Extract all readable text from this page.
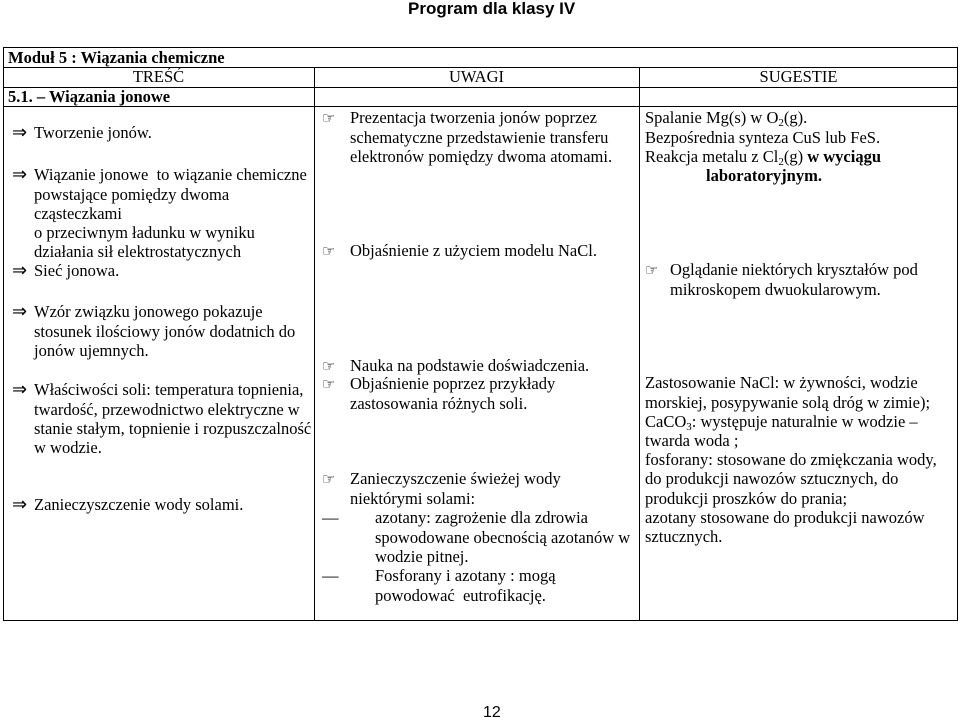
Program dla klasy IV
Moduł 5 : Wiązania chemiczne
TREŚĆ	UWAGI	SUGESTIE
5.1. – Wiązania jonowe
⇒
Tworzenie jonów.
⇒
Wiązanie jonowe  to wiązanie chemiczne
powstające pomiędzy dwoma
cząsteczkami
o przeciwnym ładunku w wyniku
działania sił elektrostatycznych
⇒
Sieć jonowa.
⇒
Wzór związku jonowego pokazuje
stosunek ilościowy jonów dodatnich do
jonów ujemnych.
⇒
Właściwości soli: temperatura topnienia,
twardość, przewodnictwo elektryczne w
stanie stałym, topnienie i rozpuszczalność
w wodzie.
⇒
Zanieczyszczenie wody solami.
☞
Prezentacja tworzenia jonów poprzez
schematyczne przedstawienie transferu
elektronów pomiędzy dwoma atomami.
☞
Objaśnienie z użyciem modelu NaCl.
☞
Nauka na podstawie doświadczenia.
☞
Objaśnienie poprzez przykłady
zastosowania różnych soli.
☞
Zanieczyszczenie świeżej wody
niektórymi solami:
—
azotany: zagrożenie dla zdrowia
spowodowane obecnością azotanów w
wodzie pitnej.
—
Fosforany i azotany : mogą
powodować  eutrofikację.
Spalanie Mg(s) w $O_2(g)$.
Bezpośrednia synteza CuS lub FeS.
Reakcja metalu z $Cl_2(g)$ w wyciągu
laboratoryjnym.
☞
Oglądanie niektórych kryształów pod
mikroskopem dwuokularowym.
Zastosowanie NaCl: w żywności, wodzie
morskiej, posypywanie solą dróg w zimie);
CaCO$_3$: występuje naturalnie w wodzie –
twarda woda ;
fosforany: stosowane do zmiękczania wody,
do produkcji nawozów sztucznych, do
produkcji proszków do prania;
azotany stosowane do produkcji nawozów
sztucznych.
12
